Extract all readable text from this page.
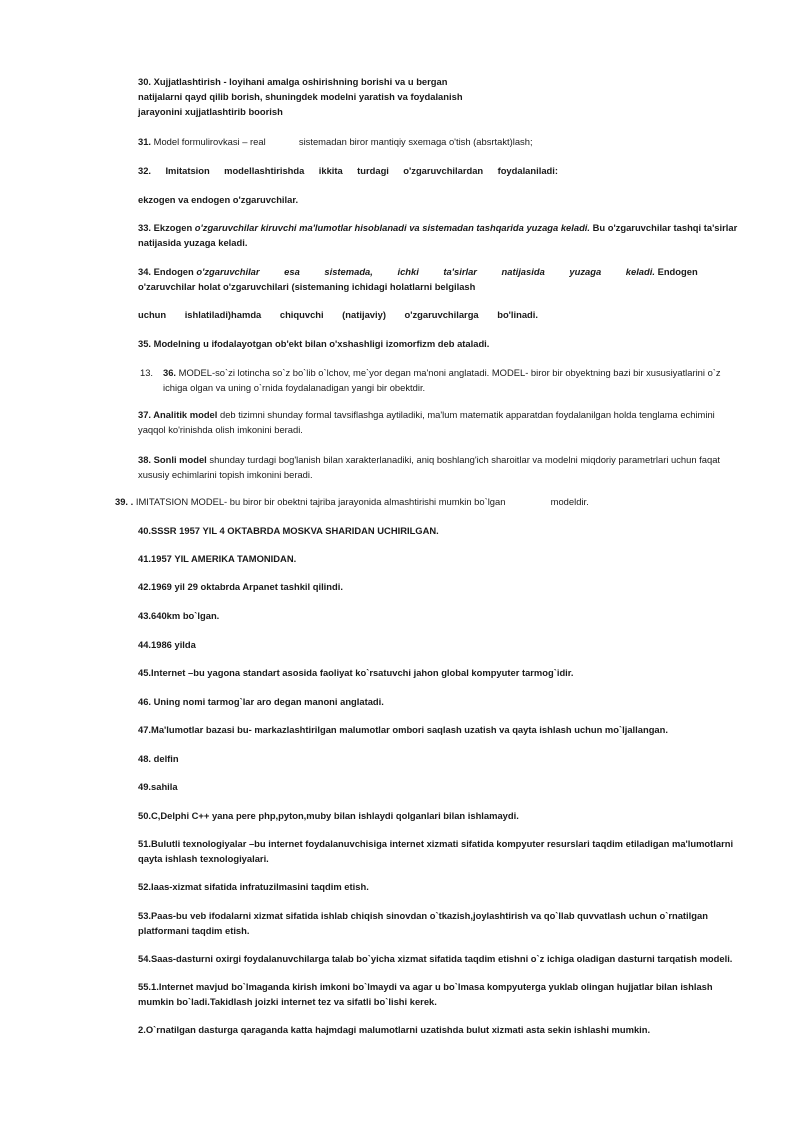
30. Xujjatlashtirish - loyihani amalga oshirishning borishi va u bergan natijalarni qayd qilib borish, shuningdek modelni yaratish va foydalanish jarayonini xujjatlashtirib boorish

31. Model formulirovkasi – real	sistemadan biror mantiqiy sxemaga o'tish (absrtakt)lash;

32. Imitatsion modellashtirishda ikkita turdagi o'zgaruvchilardan foydalaniladi:

ekzogen va endogen o'zgaruvchilar.

33. Ekzogen o'zgaruvchilar kiruvchi ma'lumotlar hisoblanadi va sistemadan tashqarida yuzaga keladi. Bu o'zgaruvchilar tashqi ta'sirlar natijasida yuzaga keladi.

34. Endogen o'zgaruvchilar esa sistemada, ichki ta'sirlar natijasida yuzaga keladi. Endogen o'zaruvchilar holat o'zgaruvchilari (sistemaning ichidagi holatlarni belgilash

uchun ishlatiladi)hamda chiquvchi (natijaviy) o'zgaruvchilarga bo'linadi.

35. Modelning u ifodalayotgan ob'ekt bilan o'xshashligi izomorfizm deb ataladi.

13. 36. MODEL-so`zi lotincha so`z bo`lib o`lchov, me`yor degan ma'noni anglatadi. MODEL- biror bir obyektning bazi bir xususiyatlarini o`z ichiga olgan va uning o`rnida foydalanadigan yangi bir obektdir.

37. Analitik model deb tizimni shunday formal tavsiflashga aytiladiki, ma'lum matematik apparatdan foydalanilgan holda tenglama echimini yaqqol ko'rinishda olish imkonini beradi.

38. Sonli model shunday turdagi bog'lanish bilan xarakterlanadiki, aniq boshlang'ich sharoitlar va modelni miqdoriy parametrlari uchun faqat xususiy echimlarini topish imkonini beradi.

39. . IMITATSION MODEL- bu biror bir obektni tajriba jarayonida almashtirishi mumkin bo`lgan	modeldir.

40.SSSR 1957 YIL 4 OKTABRDA MOSKVA SHARIDAN UCHIRILGAN.

41.1957 YIL AMERIKA TAMONIDAN.

42.1969 yil 29 oktabrda Arpanet tashkil qilindi.

43.640km bo`lgan.

44.1986 yilda

45.Internet –bu yagona standart asosida faoliyat ko`rsatuvchi jahon global kompyuter tarmog`idir.

46. Uning nomi tarmog`lar aro degan manoni anglatadi.

47.Ma'lumotlar bazasi bu- markazlashtirilgan malumotlar ombori saqlash uzatish va qayta ishlash uchun mo`ljallangan.

48. delfin

49.sahila

50.C,Delphi C++ yana pere php,pyton,muby bilan ishlaydi qolganlari bilan ishlamaydi.

51.Bulutli texnologiyalar –bu internet foydalanuvchisiga internet xizmati sifatida kompyuter resurslari taqdim etiladigan ma'lumotlarni qayta ishlash texnologiyalari.

52.Iaas-xizmat sifatida infratuzilmasini taqdim etish.

53.Paas-bu veb ifodalarni xizmat sifatida ishlab chiqish sinovdan o`tkazish,joylashtirish va qo`llab quvvatlash uchun o`rnatilgan platformani taqdim etish.

54.Saas-dasturni oxirgi foydalanuvchilarga talab bo`yicha xizmat sifatida taqdim etishni o`z ichiga oladigan dasturni tarqatish modeli.

55.1.Internet mavjud bo`lmaganda kirish imkoni bo`lmaydi va agar u bo`lmasa kompyuterga yuklab olingan hujjatlar bilan ishlash mumkin bo`ladi.Takidlash joizki internet tez va sifatli bo`lishi kerek.

2.O`rnatilgan dasturga qaraganda katta hajmdagi malumotlarni uzatishda bulut xizmati asta sekin ishlashi mumkin.
